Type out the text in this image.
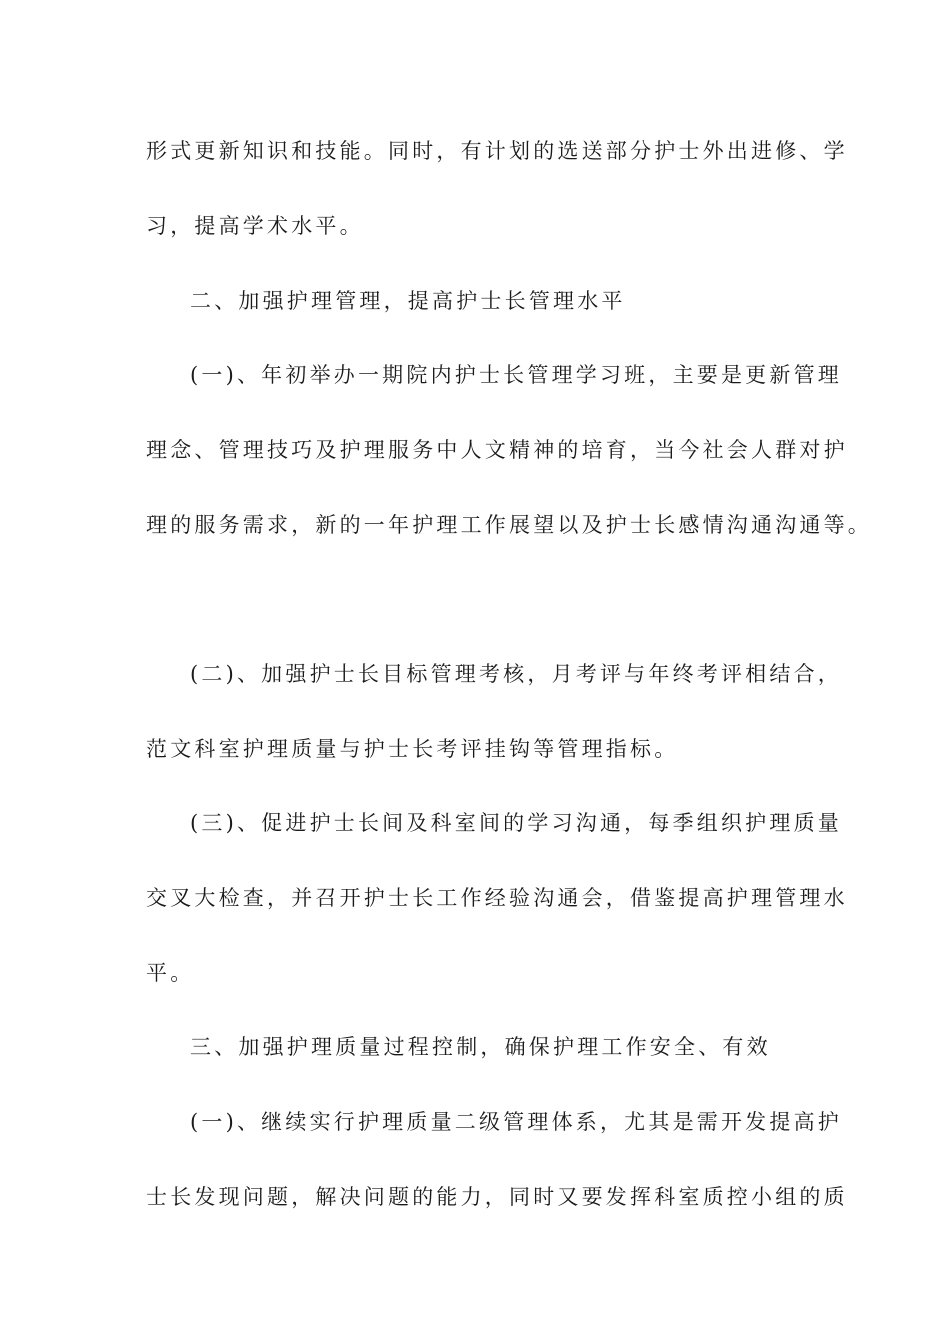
形式更新知识和技能。同时，有计划的选送部分护士外出进修、学
习，提高学术水平。
二、加强护理管理，提高护士长管理水平
(一)、年初举办一期院内护士长管理学习班，主要是更新管理
理念、管理技巧及护理服务中人文精神的培育，当今社会人群对护
理的服务需求，新的一年护理工作展望以及护士长感情沟通沟通等。
(二)、加强护士长目标管理考核，月考评与年终考评相结合，
范文科室护理质量与护士长考评挂钩等管理指标。
(三)、促进护士长间及科室间的学习沟通，每季组织护理质量
交叉大检查，并召开护士长工作经验沟通会，借鉴提高护理管理水
平。
三、加强护理质量过程控制，确保护理工作安全、有效
(一)、继续实行护理质量二级管理体系，尤其是需开发提高护
士长发现问题，解决问题的能力，同时又要发挥科室质控小组的质
